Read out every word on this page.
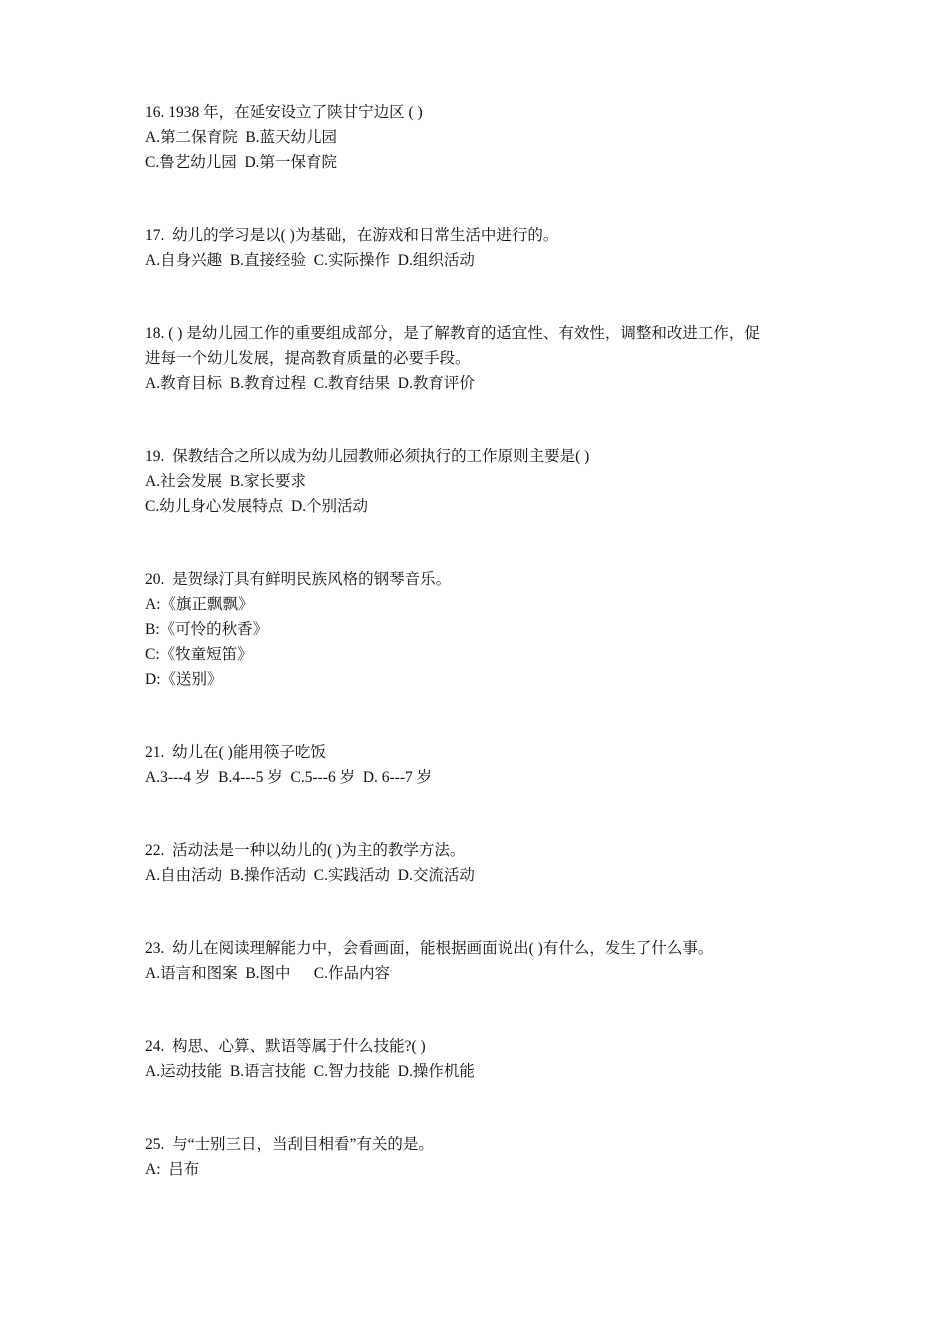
16. 1938 年，在延安设立了陕甘宁边区 ( )

A.第二保育院  B.蓝天幼儿园

C.鲁艺幼儿园  D.第一保育院

17.  幼儿的学习是以( )为基础，在游戏和日常生活中进行的。

A.自身兴趣  B.直接经验  C.实际操作  D.组织活动

18. ( ) 是幼儿园工作的重要组成部分，是了解教育的适宜性、有效性，调整和改进工作，促

进每一个幼儿发展，提高教育质量的必要手段。

A.教育目标  B.教育过程  C.教育结果  D.教育评价

19.  保教结合之所以成为幼儿园教师必须执行的工作原则主要是( )

A.社会发展  B.家长要求

C.幼儿身心发展特点  D.个别活动

20.  是贺绿汀具有鲜明民族风格的钢琴音乐。

A:《旗正飘飘》

B:《可怜的秋香》

C:《牧童短笛》

D:《送别》

21.  幼儿在( )能用筷子吃饭

A.3---4 岁  B.4---5 岁  C.5---6 岁  D. 6---7 岁

22.  活动法是一种以幼儿的( )为主的教学方法。

A.自由活动  B.操作活动  C.实践活动  D.交流活动

23.  幼儿在阅读理解能力中，会看画面，能根据画面说出( )有什么，发生了什么事。

A.语言和图案  B.图中      C.作品内容

24.  构思、心算、默语等属于什么技能?( )

A.运动技能  B.语言技能  C.智力技能  D.操作机能

25.  与“士别三日，当刮目相看”有关的是。

A:  吕布
